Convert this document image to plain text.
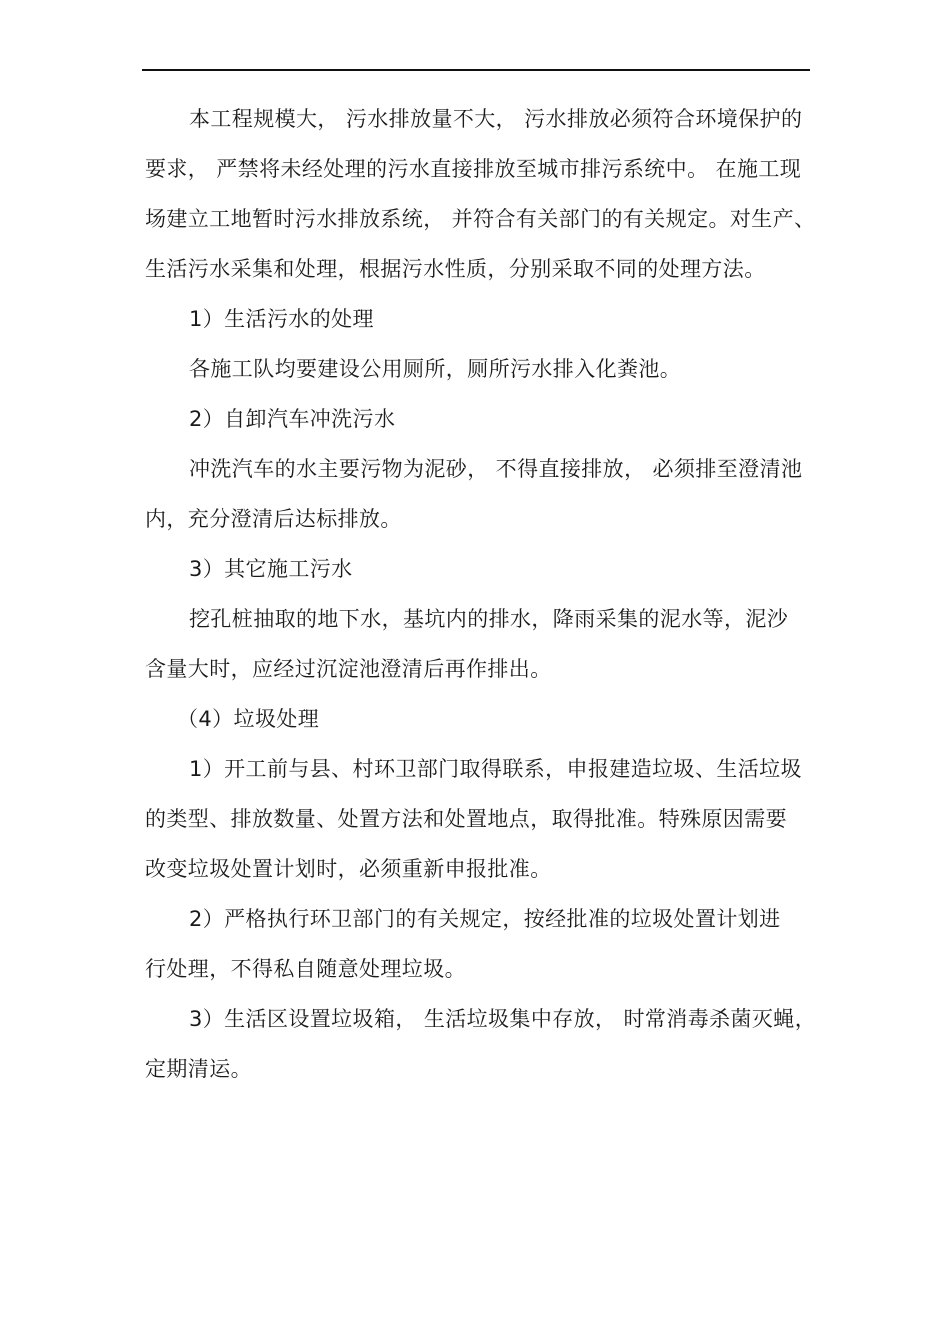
本工程规模大， 污水排放量不大， 污水排放必须符合环境保护的
要求， 严禁将未经处理的污水直接排放至城市排污系统中。 在施工现
场建立工地暂时污水排放系统， 并符合有关部门的有关规定。对生产、
生活污水采集和处理，根据污水性质，分别采取不同的处理方法。

1）生活污水的处理

各施工队均要建设公用厕所，厕所污水排入化粪池。

2）自卸汽车冲洗污水

冲洗汽车的水主要污物为泥砂， 不得直接排放， 必须排至澄清池
内，充分澄清后达标排放。

3）其它施工污水

挖孔桩抽取的地下水，基坑内的排水，降雨采集的泥水等，泥沙
含量大时，应经过沉淀池澄清后再作排出。

（4）垃圾处理

1）开工前与县、村环卫部门取得联系，申报建造垃圾、生活垃圾
的类型、排放数量、处置方法和处置地点，取得批准。特殊原因需要
改变垃圾处置计划时，必须重新申报批准。

2）严格执行环卫部门的有关规定，按经批准的垃圾处置计划进
行处理，不得私自随意处理垃圾。

3）生活区设置垃圾箱， 生活垃圾集中存放， 时常消毒杀菌灭蝇，
定期清运。
